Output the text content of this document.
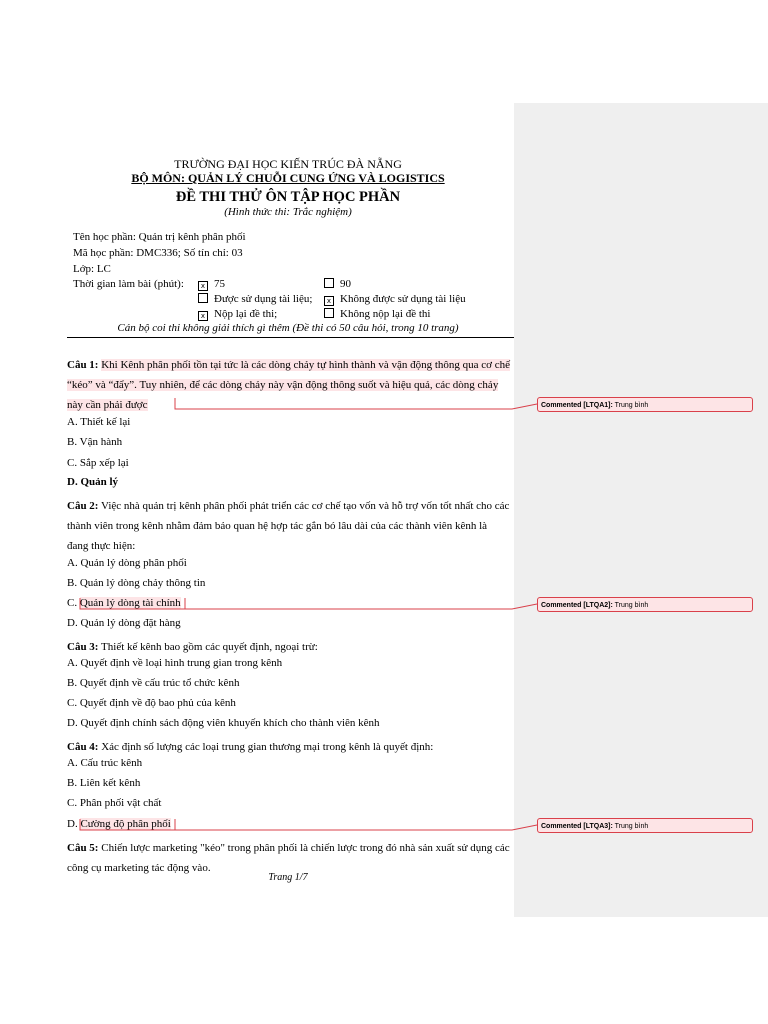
TRƯỜNG ĐẠI HỌC KIẾN TRÚC ĐÀ NẴNG
BỘ MÔN: QUẢN LÝ CHUỖI CUNG ỨNG VÀ LOGISTICS
ĐỀ THI THỬ ÔN TẬP HỌC PHẦN
(Hình thức thi: Trắc nghiệm)
Tên học phần: Quản trị kênh phân phối
Mã học phần: DMC336; Số tín chỉ: 03
Lớp: LC
Thời gian làm bài (phút):	x 75	90
Được sử dụng tài liệu;	x Không được sử dụng tài liệu
x Nộp lại đề thi;	Không nộp lại đề thi
Cán bộ coi thi không giải thích gì thêm (Đề thi có 50 câu hỏi, trong 10 trang)
Câu 1: Khi Kênh phân phối tồn tại tức là các dòng chảy tự hình thành và vận động thông qua cơ chế “kéo” và “đẩy”. Tuy nhiên, để các dòng chảy này vận động thông suốt và hiệu quả, các dòng chảy này cần phải được
A. Thiết kế lại
B. Vận hành
C. Sắp xếp lại
D. Quản lý
Câu 2: Việc nhà quản trị kênh phân phối phát triển các cơ chế tạo vốn và hỗ trợ vốn tốt nhất cho các thành viên trong kênh nhằm đảm bảo quan hệ hợp tác gắn bó lâu dài của các thành viên kênh là đang thực hiện:
A. Quản lý dòng phân phối
B. Quản lý dòng chảy thông tin
C. Quản lý dòng tài chính
D. Quản lý dòng đặt hàng
Câu 3: Thiết kế kênh bao gồm các quyết định, ngoại trừ:
A. Quyết định về loại hình trung gian trong kênh
B. Quyết định về cấu trúc tổ chức kênh
C. Quyết định về độ bao phủ của kênh
D. Quyết định chính sách động viên khuyến khích cho thành viên kênh
Câu 4: Xác định số lượng các loại trung gian thương mại trong kênh là quyết định:
A. Cấu trúc kênh
B. Liên kết kênh
C. Phân phối vật chất
D. Cường độ phân phối
Câu 5: Chiến lược marketing "kéo" trong phân phối là chiến lược trong đó nhà sản xuất sử dụng các công cụ marketing tác động vào.
Trang 1/7
Commented [LTQA1]: Trung bình
Commented [LTQA2]: Trung bình
Commented [LTQA3]: Trung bình
